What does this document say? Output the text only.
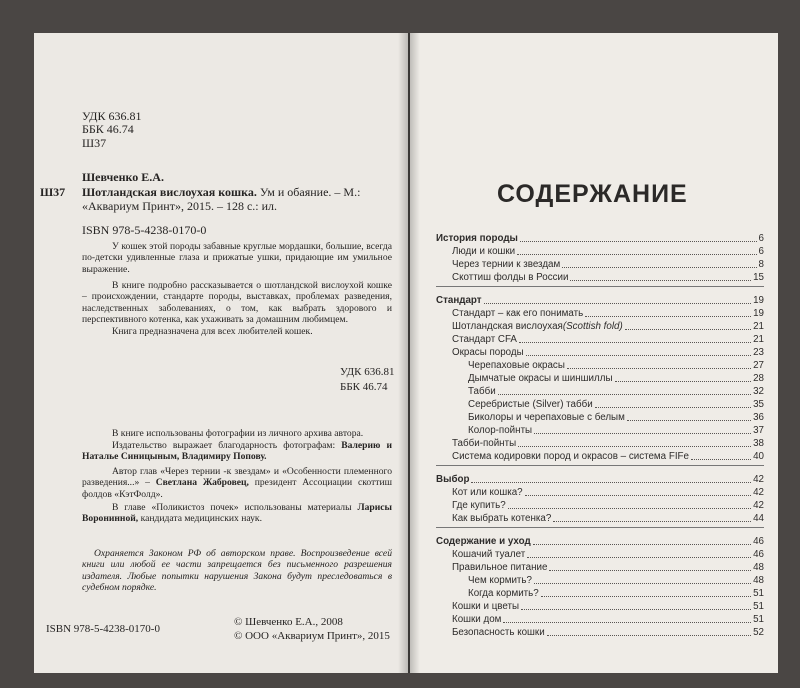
УДК 636.81
ББК 46.74
Ш37
Шевченко Е.А.
Ш37 Шотландская вислоухая кошка. Ум и обаяние. – М.:
«Аквариум Принт», 2015. – 128 с.: ил.
ISBN 978-5-4238-0170-0
У кошек этой породы забавные круглые мордашки, большие, всегда по-детски удивленные глаза и прижатые ушки, придающие им умильное выражение.
В книге подробно рассказывается о шотландской вислоухой кошке – происхождении, стандарте породы, выставках, проблемах разведения, наследственных заболеваниях, о том, как выбрать здорового и перспективного котенка, как ухаживать за домашним любимцем.
Книга предназначена для всех любителей кошек.
УДК 636.81
ББК 46.74
В книге использованы фотографии из личного архива автора.
Издательство выражает благодарность фотографам: Валерию и Наталье Синицыным, Владимиру Попову.
Автор глав «Через тернии -к звездам» и «Особенности племенного разведения...» – Светлана Жабровец, президент Ассоциации скоттиш фолдов «КэтФолд».
В главе «Поликистоз почек» использованы материалы Ларисы Воронинной, кандидата медицинских наук.
Охраняется Законом РФ об авторском праве. Воспроизведение всей книги или любой ее части запрещается без письменного разрешения издателя. Любые попытки нарушения Закона будут преследоваться в судебном порядке.
ISBN 978-5-4238-0170-0
© Шевченко Е.А., 2008
© ООО «Аквариум Принт», 2015
СОДЕРЖАНИЕ
История породы	6
Люди и кошки	6
Через тернии к звездам	8
Скоттиш фолды в России	15
Стандарт	19
Стандарт – как его понимать	19
Шотландская вислоухая (Scottish fold)	21
Стандарт CFA	21
Окрасы породы	23
Черепаховые окрасы	27
Дымчатые окрасы и шиншиллы	28
Табби	32
Серебристые (Silver) табби	35
Биколоры и черепаховые с белым	36
Колор-пойнты	37
Табби-пойнты	38
Система кодировки пород и окрасов – система FIFe	40
Выбор	42
Кот или кошка?	42
Где купить?	42
Как выбрать котенка?	44
Содержание и уход	46
Кошачий туалет	46
Правильное питание	48
Чем кормить?	48
Когда кормить?	51
Кошки и цветы	51
Кошки дом	51
Безопасность кошки	52
